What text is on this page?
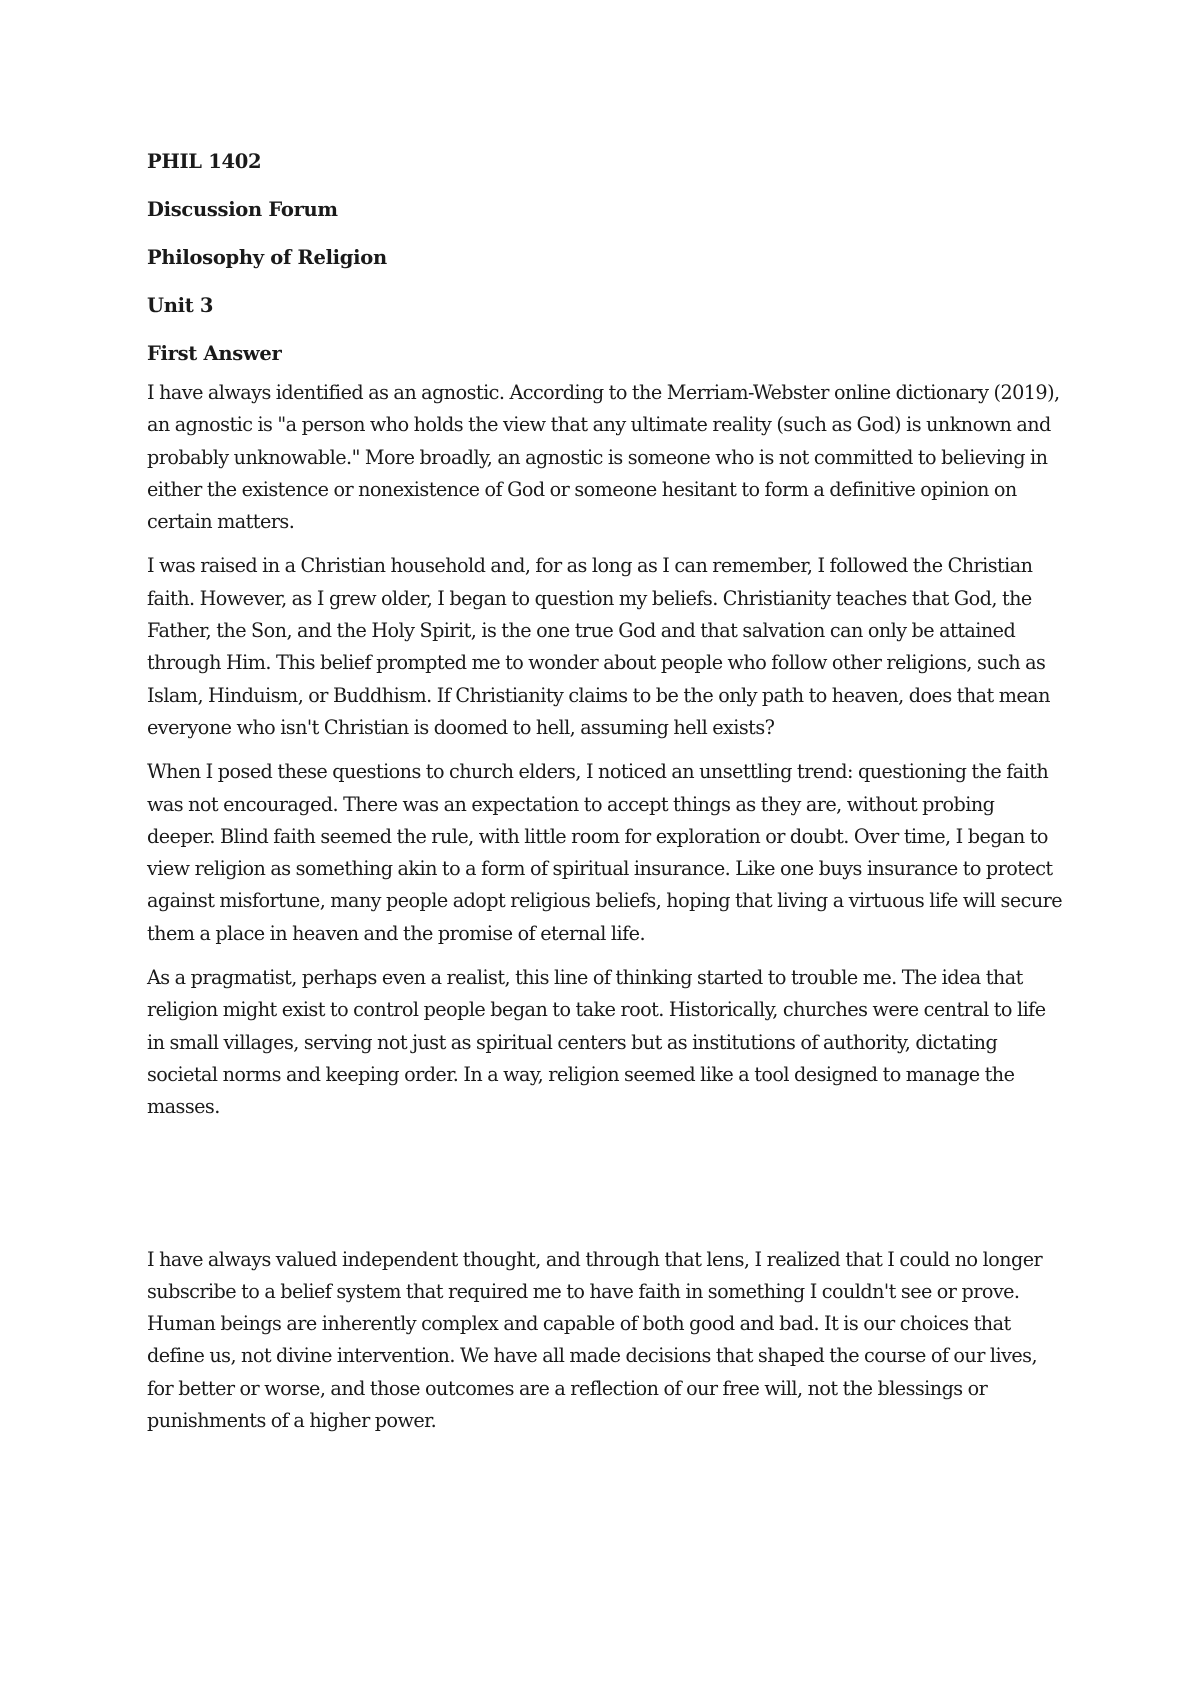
PHIL 1402
Discussion Forum
Philosophy of Religion
Unit 3
First Answer

I have always identified as an agnostic. According to the Merriam-Webster online dictionary (2019), an agnostic is "a person who holds the view that any ultimate reality (such as God) is unknown and probably unknowable." More broadly, an agnostic is someone who is not committed to believing in either the existence or nonexistence of God or someone hesitant to form a definitive opinion on certain matters.

I was raised in a Christian household and, for as long as I can remember, I followed the Christian faith. However, as I grew older, I began to question my beliefs. Christianity teaches that God, the Father, the Son, and the Holy Spirit, is the one true God and that salvation can only be attained through Him. This belief prompted me to wonder about people who follow other religions, such as Islam, Hinduism, or Buddhism. If Christianity claims to be the only path to heaven, does that mean everyone who isn't Christian is doomed to hell, assuming hell exists?

When I posed these questions to church elders, I noticed an unsettling trend: questioning the faith was not encouraged. There was an expectation to accept things as they are, without probing deeper. Blind faith seemed the rule, with little room for exploration or doubt. Over time, I began to view religion as something akin to a form of spiritual insurance. Like one buys insurance to protect against misfortune, many people adopt religious beliefs, hoping that living a virtuous life will secure them a place in heaven and the promise of eternal life.

As a pragmatist, perhaps even a realist, this line of thinking started to trouble me. The idea that religion might exist to control people began to take root. Historically, churches were central to life in small villages, serving not just as spiritual centers but as institutions of authority, dictating societal norms and keeping order. In a way, religion seemed like a tool designed to manage the masses.

I have always valued independent thought, and through that lens, I realized that I could no longer subscribe to a belief system that required me to have faith in something I couldn't see or prove. Human beings are inherently complex and capable of both good and bad. It is our choices that define us, not divine intervention. We have all made decisions that shaped the course of our lives, for better or worse, and those outcomes are a reflection of our free will, not the blessings or punishments of a higher power.
